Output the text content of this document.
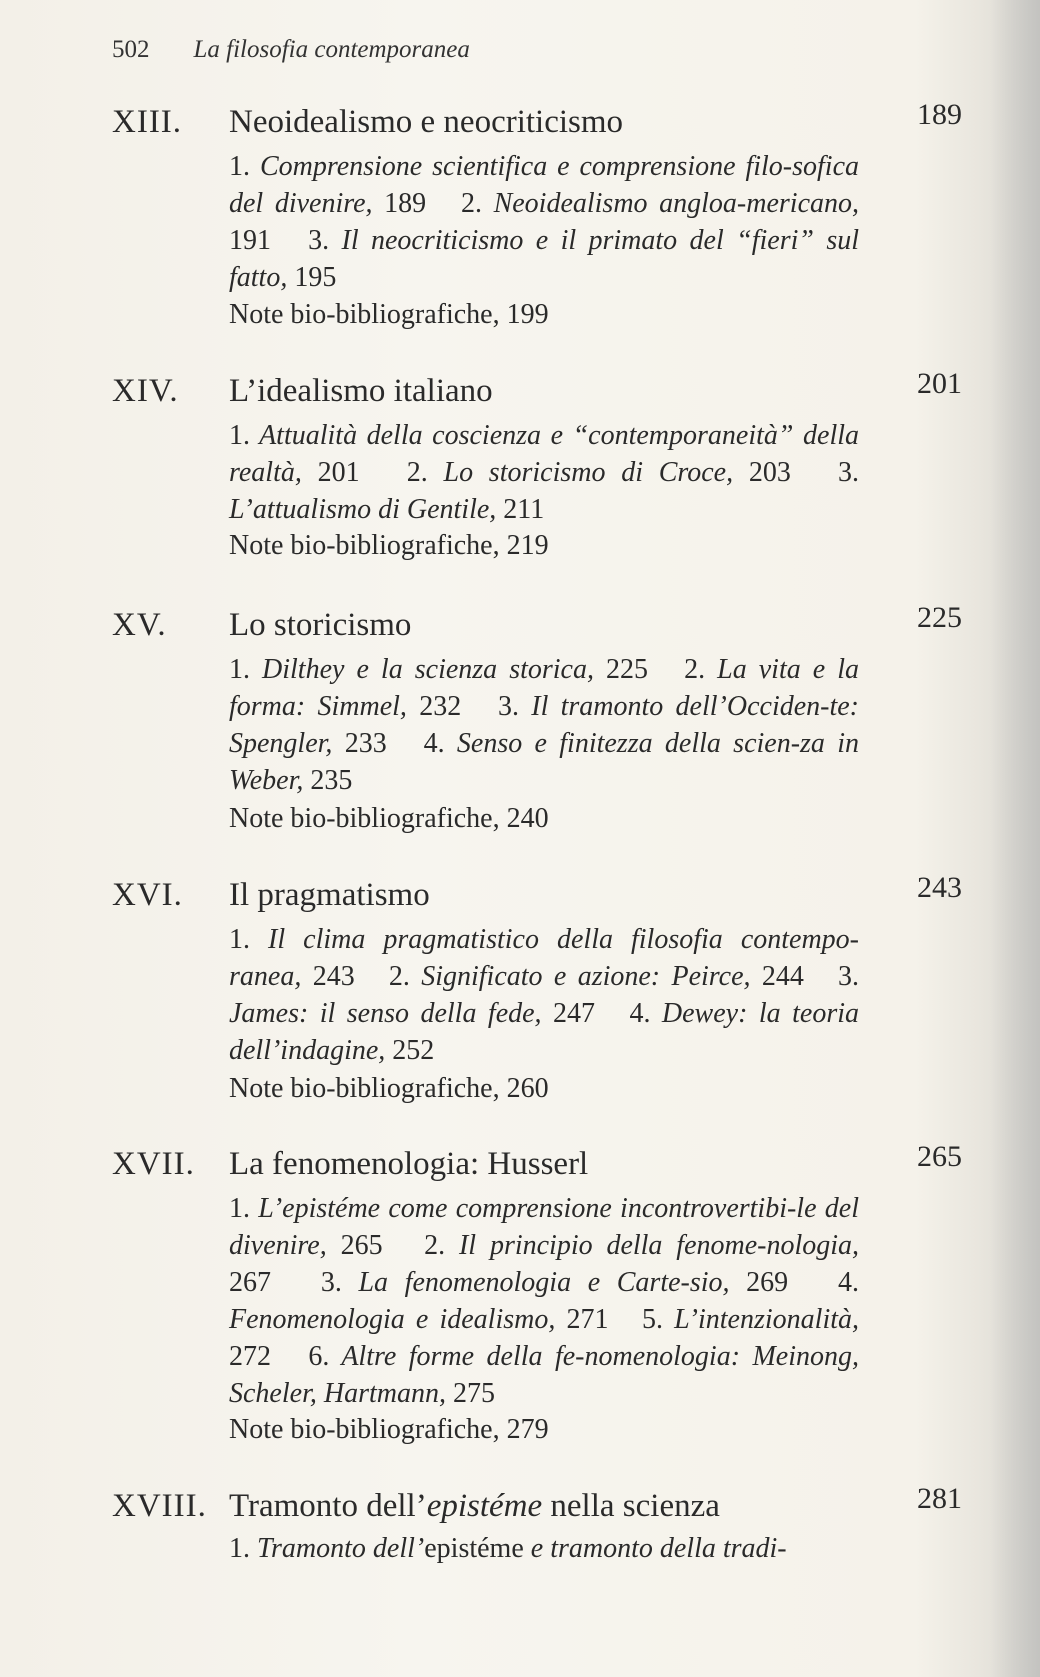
502 La filosofia contemporanea
XIII. Neoidealismo e neocriticismo	189
1. Comprensione scientifica e comprensione filo-sofica del divenire, 189 2. Neoidealismo angloa-mericano, 191 3. Il neocriticismo e il primato del “fieri” sul fatto, 195
Note bio-bibliografiche, 199
XIV. L’idealismo italiano	201
1. Attualità della coscienza e “contemporaneità” della realtà, 201 2. Lo storicismo di Croce, 203 3. L’attualismo di Gentile, 211
Note bio-bibliografiche, 219
XV. Lo storicismo	225
1. Dilthey e la scienza storica, 225 2. La vita e la forma: Simmel, 232 3. Il tramonto dell’Occiden-te: Spengler, 233 4. Senso e finitezza della scien-za in Weber, 235
Note bio-bibliografiche, 240
XVI. Il pragmatismo	243
1. Il clima pragmatistico della filosofia contempo-ranea, 243 2. Significato e azione: Peirce, 244 3. James: il senso della fede, 247 4. Dewey: la teoria dell’indagine, 252
Note bio-bibliografiche, 260
XVII. La fenomenologia: Husserl	265
1. L’epistéme come comprensione incontrovertibi-le del divenire, 265 2. Il principio della fenome-nologia, 267 3. La fenomenologia e Carte-sio, 269 4. Fenomenologia e idealismo, 271 5. L’intenzionalità, 272 6. Altre forme della fe-nomenologia: Meinong, Scheler, Hartmann, 275
Note bio-bibliografiche, 279
XVIII. Tramonto dell’epistéme nella scienza	281
1. Tramonto dell’epistéme e tramonto della tradi-
